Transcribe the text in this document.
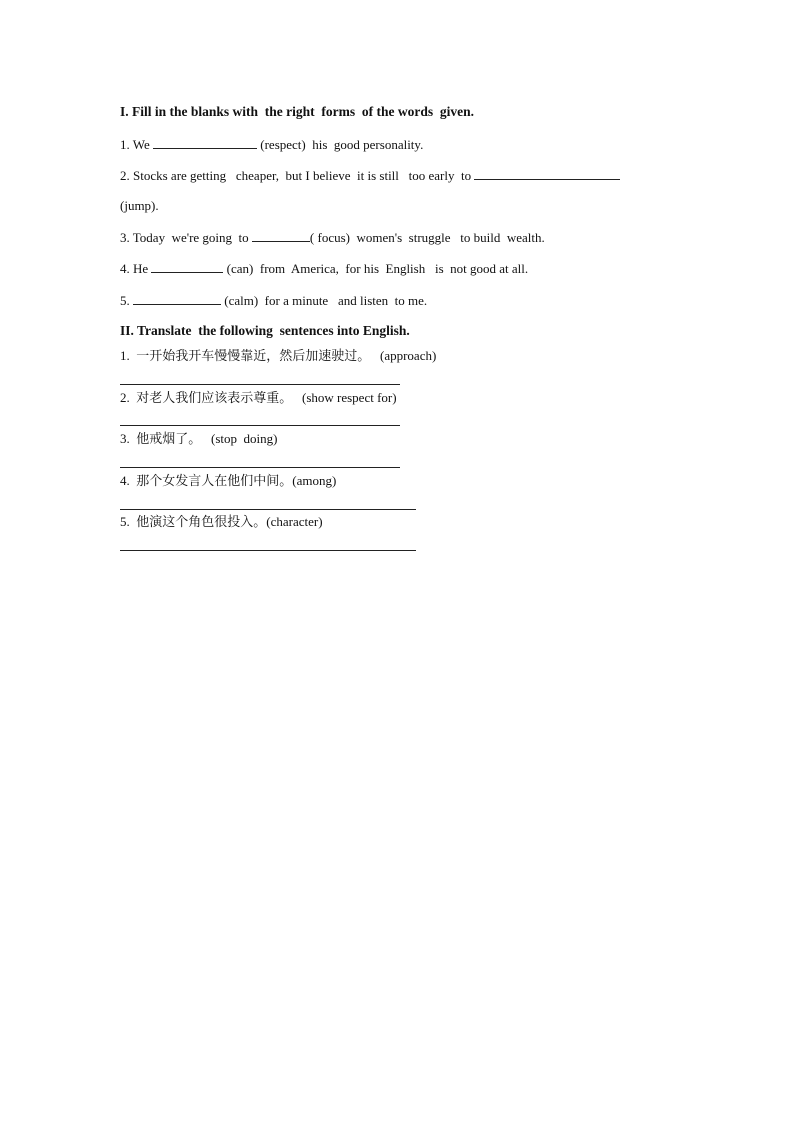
I. Fill in the blanks with  the right  forms  of the words  given.
1. We	(respect)  his  good personality.
2. Stocks are getting   cheaper,  but I believe  it is still   too early  to
(jump).
3. Today  we're going  to	( focus)  women's  struggle   to build  wealth.
4. He	(can)  from  America,  for his  English   is  not good at all.
5.	(calm)  for a minute   and listen  to me.
II. Translate  the following  sentences into English.
1.  一开始我开车慢慢靠近，然后加速驶过。   (approach)
2.  对老人我们应该表示尊重。   (show respect for)
3.  他戒烟了。   (stop  doing)
4.  那个女发言人在他们中间。(among)
5.  他演这个角色很投入。(character)
